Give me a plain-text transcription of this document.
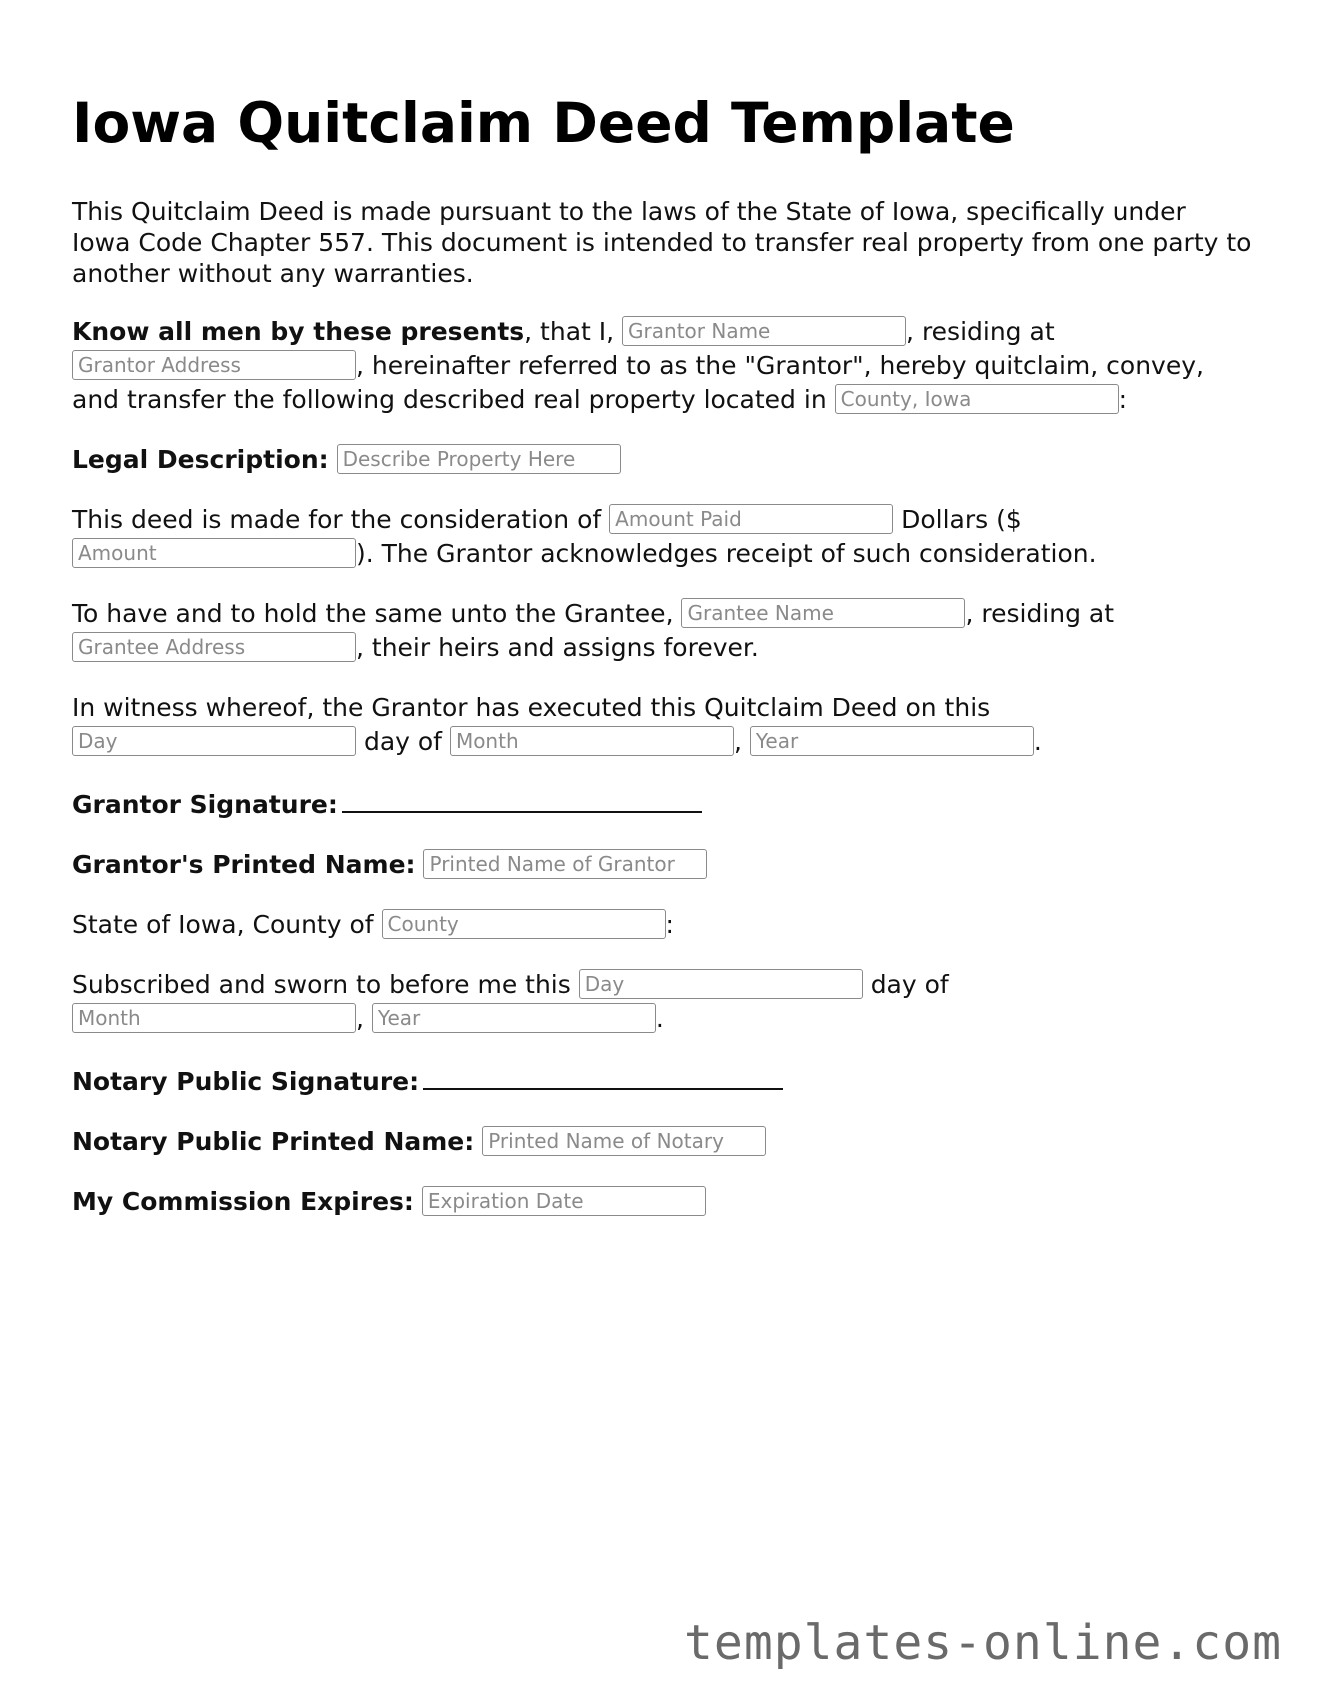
Iowa Quitclaim Deed Template

This Quitclaim Deed is made pursuant to the laws of the State of Iowa, specifically under Iowa Code Chapter 557. This document is intended to transfer real property from one party to another without any warranties.

Know all men by these presents, that I, Grantor Name	, residing at Grantor Address, hereinafter referred to as the "Grantor", hereby quitclaim, convey, and transfer the following described real property located in County, Iowa	:

Legal Description: Describe Property Here

This deed is made for the consideration of Amount Paid	Dollars ($ Amount). The Grantor acknowledges receipt of such consideration.

To have and to hold the same unto the Grantee, Grantee Name	, residing at Grantee Address, their heirs and assigns forever.

In witness whereof, the Grantor has executed this Quitclaim Deed on this
Day day of Month	, Year	.

Grantor Signature:

Grantor's Printed Name: Printed Name of Grantor

State of Iowa, County of County	:

Subscribed and sworn to before me this Day	day of
Month, Year	.

Notary Public Signature:

Notary Public Printed Name: Printed Name of Notary

My Commission Expires: Expiration Date

templates-online.com
